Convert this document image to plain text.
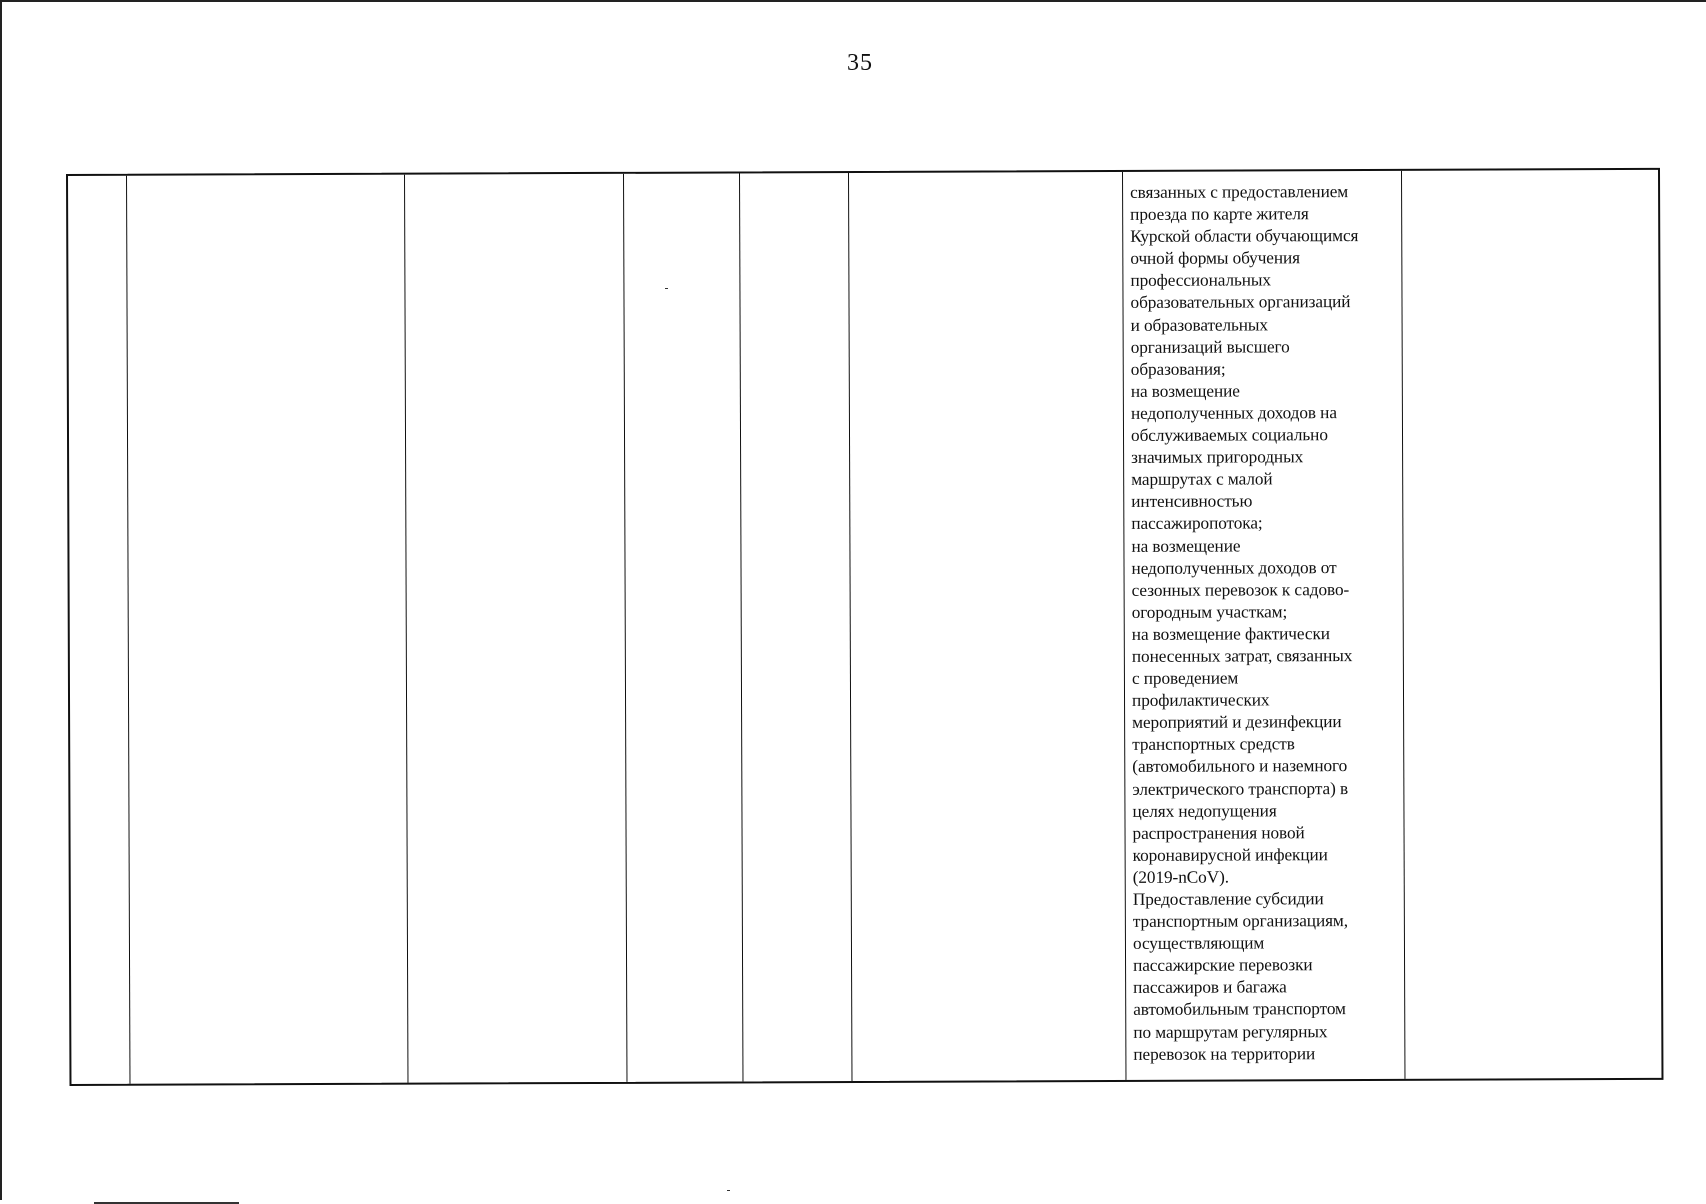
35
связанных с предоставлением
проезда по карте жителя
Курской области обучающимся
очной формы обучения
профессиональных
образовательных организаций
и образовательных
организаций высшего
образования;
на возмещение
недополученных доходов на
обслуживаемых социально
значимых пригородных
маршрутах с малой
интенсивностью
пассажиропотока;
на возмещение
недополученных доходов от
сезонных перевозок к садово-
огородным участкам;
на возмещение фактически
понесенных затрат, связанных
с проведением
профилактических
мероприятий и дезинфекции
транспортных средств
(автомобильного и наземного
электрического транспорта) в
целях недопущения
распространения новой
коронавирусной инфекции
(2019-nCoV).
Предоставление субсидии
транспортным организациям,
осуществляющим
пассажирские перевозки
пассажиров и багажа
автомобильным транспортом
по маршрутам регулярных
перевозок на территории
